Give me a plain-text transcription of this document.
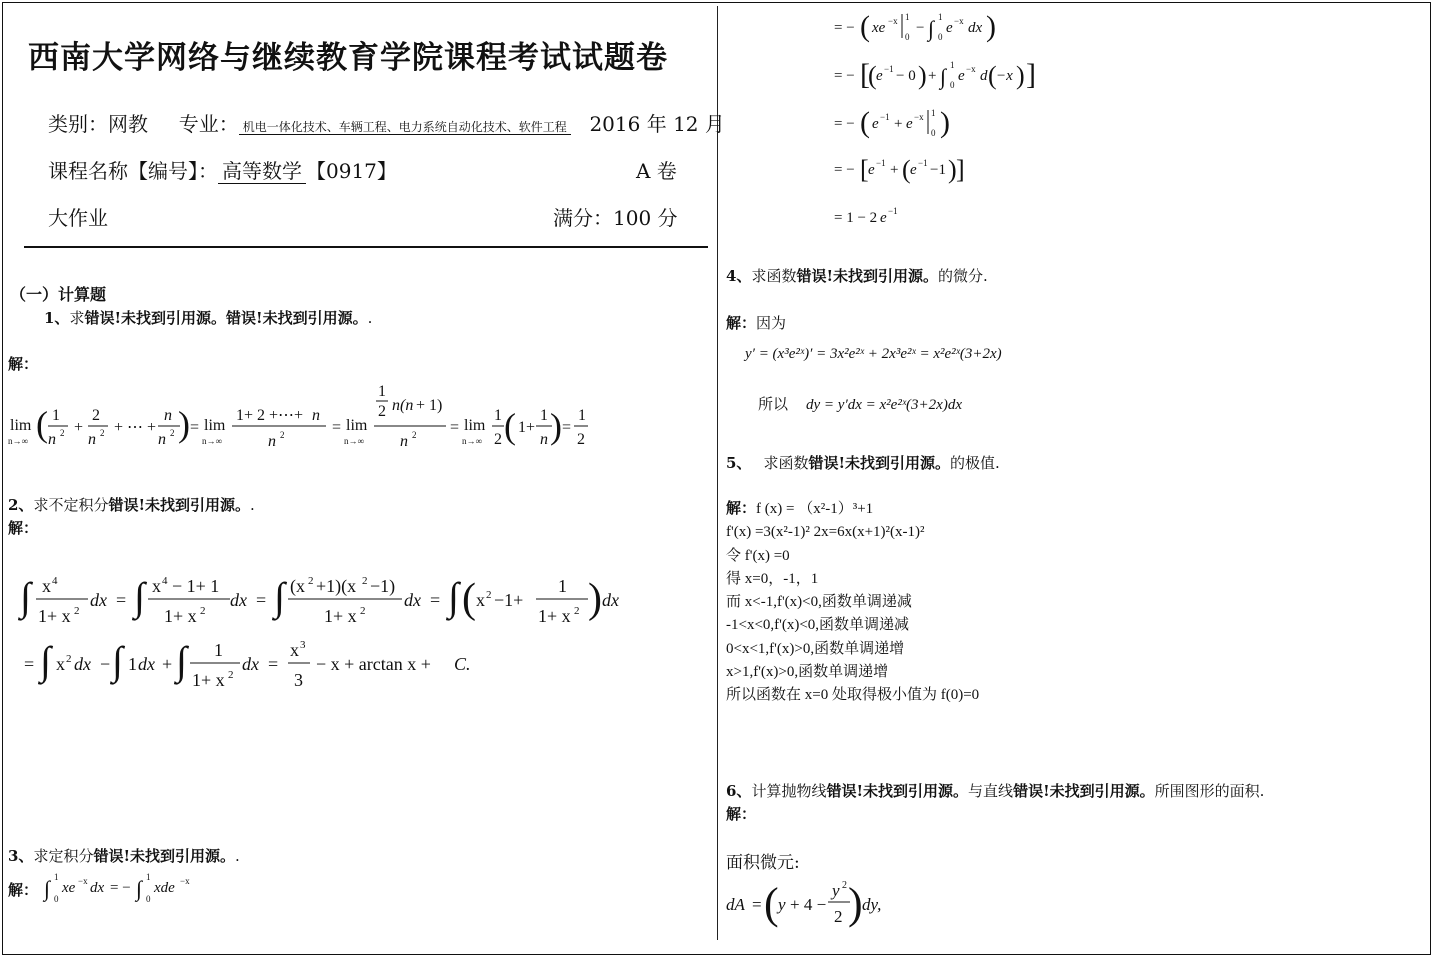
西南大学网络与继续教育学院课程考试试题卷
类别：网教 专业： 机电一体化技术、车辆工程、电力系统自动化技术、软件工程 2016 年 12 月
课程名称【编号】： 高等数学 【0917】	A 卷
大作业	满分：100 分
（一）计算题
1、求错误!未找到引用源。错误!未找到引用源。.
解：
lim
n→∞ ( 1
n 2 +
2
n 2 + ⋯ +
n
n 2 ) = lim
n→∞
1+ 2 +⋯+ n
n 2	= lim
n→∞
1
2 n(n + 1)
n 2 = lim
n→∞
1
2 ( 1+
1
n ) =
1
2
2、求不定积分错误!未找到引用源。.
解：
∫ x 4
1+ x 2
dx = ∫ x 4 − 1+ 1
1+ x 2
dx = ∫ (x 2 +1)(x 2 −1)
1+ x 2
dx = ∫ ( x 2 −1+
1
1+ x 2 ) dx
= ∫ x 2 dx − ∫ 1 dx + ∫ 1
1+ x 2
dx =
x 3
3
− x + arctan x + C.
3、求定积分错误!未找到引用源。.
解： ∫ 1
0
xe −x dx = − ∫ 1
0
xde −x
= − ( xe −x 1
0
− ∫ 1
0
e −x dx )
= − [
( e −1 − 0 ) + ∫ 1
0
e −x d ( −x ) ]
= − ( e −1 + e −x 1
0 )
= − [ e −1 + ( e −1 −1 ) ]
= 1 − 2 e −1
4、求函数错误!未找到引用源。的微分.
解：因为
y′ = (x³e²ˣ)′ = 3x²e²ˣ + 2x³e²ˣ = x²e²ˣ(3+2x)
所以 dy = y′dx = x²e²ˣ(3+2x)dx
5、 求函数错误!未找到引用源。的极值.
解：f (x) = （x²-1）³+1
f'(x) =3(x²-1)² 2x=6x(x+1)²(x-1)²
令 f'(x) =0
得 x=0，-1，1
而 x<-1,f'(x)<0,函数单调递减
-1<x<0,f'(x)<0,函数单调递减
0<x<1,f'(x)>0,函数单调递增
x>1,f'(x)>0,函数单调递增
所以函数在 x=0 处取得极小值为 f(0)=0
6、计算抛物线错误!未找到引用源。与直线错误!未找到引用源。所围图形的面积.
解：
面积微元:
dA = ( y + 4 −
y 2
2 ) dy,
